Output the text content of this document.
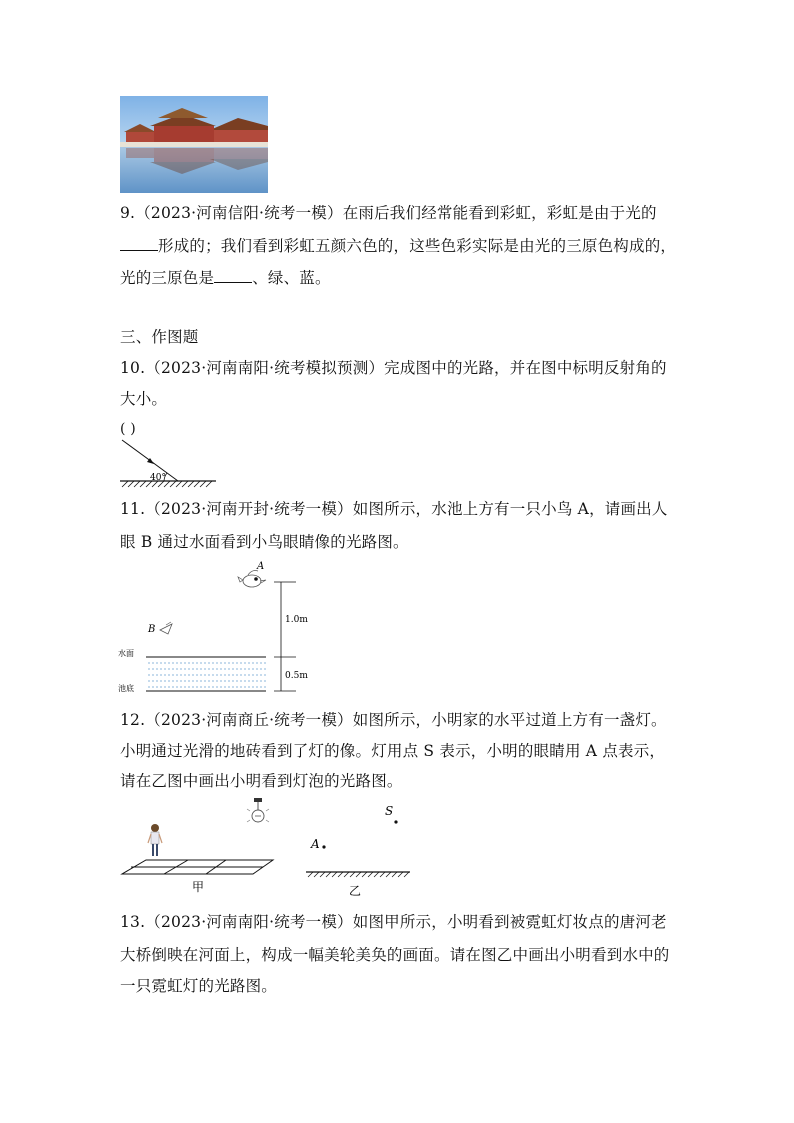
9.（2023·河南信阳·统考一模）在雨后我们经常能看到彩虹，彩虹是由于光的
形成的；我们看到彩虹五颜六色的，这些色彩实际是由光的三原色构成的，
光的三原色是 、绿、蓝。
三、作图题
10.（2023·河南南阳·统考模拟预测）完成图中的光路，并在图中标明反射角的
大小。
( )
40°
11.（2023·河南开封·统考一模）如图所示，水池上方有一只小鸟 A，请画出人
眼 B 通过水面看到小鸟眼睛像的光路图。
A
B
水面
池底
1.0m
0.5m
12.（2023·河南商丘·统考一模）如图所示，小明家的水平过道上方有一盏灯。
小明通过光滑的地砖看到了灯的像。灯用点 S 表示，小明的眼睛用 A 点表示，
请在乙图中画出小明看到灯泡的光路图。
甲
S
A
乙
13.（2023·河南南阳·统考一模）如图甲所示，小明看到被霓虹灯妆点的唐河老
大桥倒映在河面上，构成一幅美轮美奂的画面。请在图乙中画出小明看到水中的
一只霓虹灯的光路图。
